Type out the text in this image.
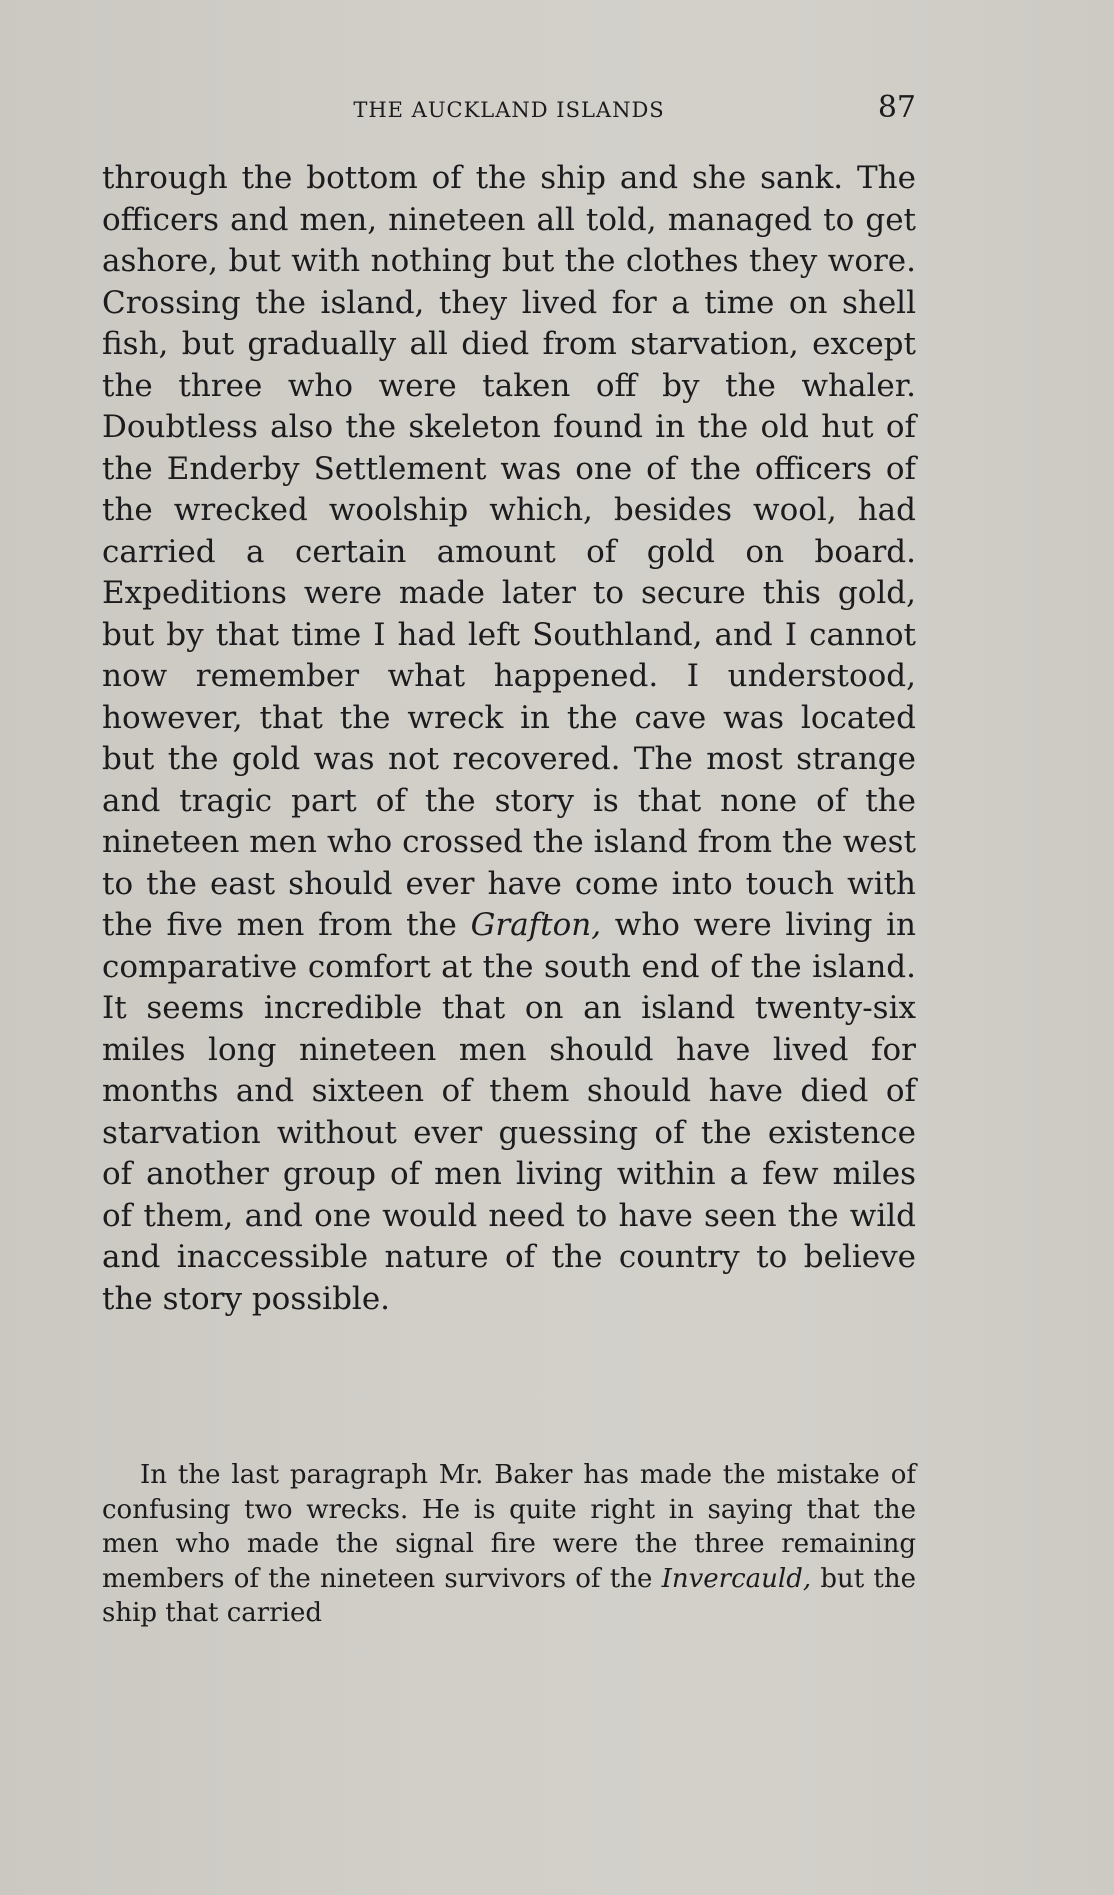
THE AUCKLAND ISLANDS	87

through the bottom of the ship and she sank. The officers and men, nineteen all told, managed to get ashore, but with nothing but the clothes they wore. Crossing the island, they lived for a time on shell fish, but gradually all died from starvation, except the three who were taken off by the whaler. Doubtless also the skeleton found in the old hut of the Enderby Settlement was one of the officers of the wrecked woolship which, besides wool, had carried a certain amount of gold on board. Expeditions were made later to secure this gold, but by that time I had left Southland, and I cannot now remember what happened. I understood, however, that the wreck in the cave was located but the gold was not recovered. The most strange and tragic part of the story is that none of the nineteen men who crossed the island from the west to the east should ever have come into touch with the five men from the Grafton, who were living in comparative comfort at the south end of the island. It seems incredible that on an island twenty-six miles long nineteen men should have lived for months and sixteen of them should have died of starvation without ever guessing of the existence of another group of men living within a few miles of them, and one would need to have seen the wild and inaccessible nature of the country to believe the story possible.

In the last paragraph Mr. Baker has made the mistake of confusing two wrecks. He is quite right in saying that the men who made the signal fire were the three remaining members of the nineteen survivors of the Invercauld, but the ship that carried
